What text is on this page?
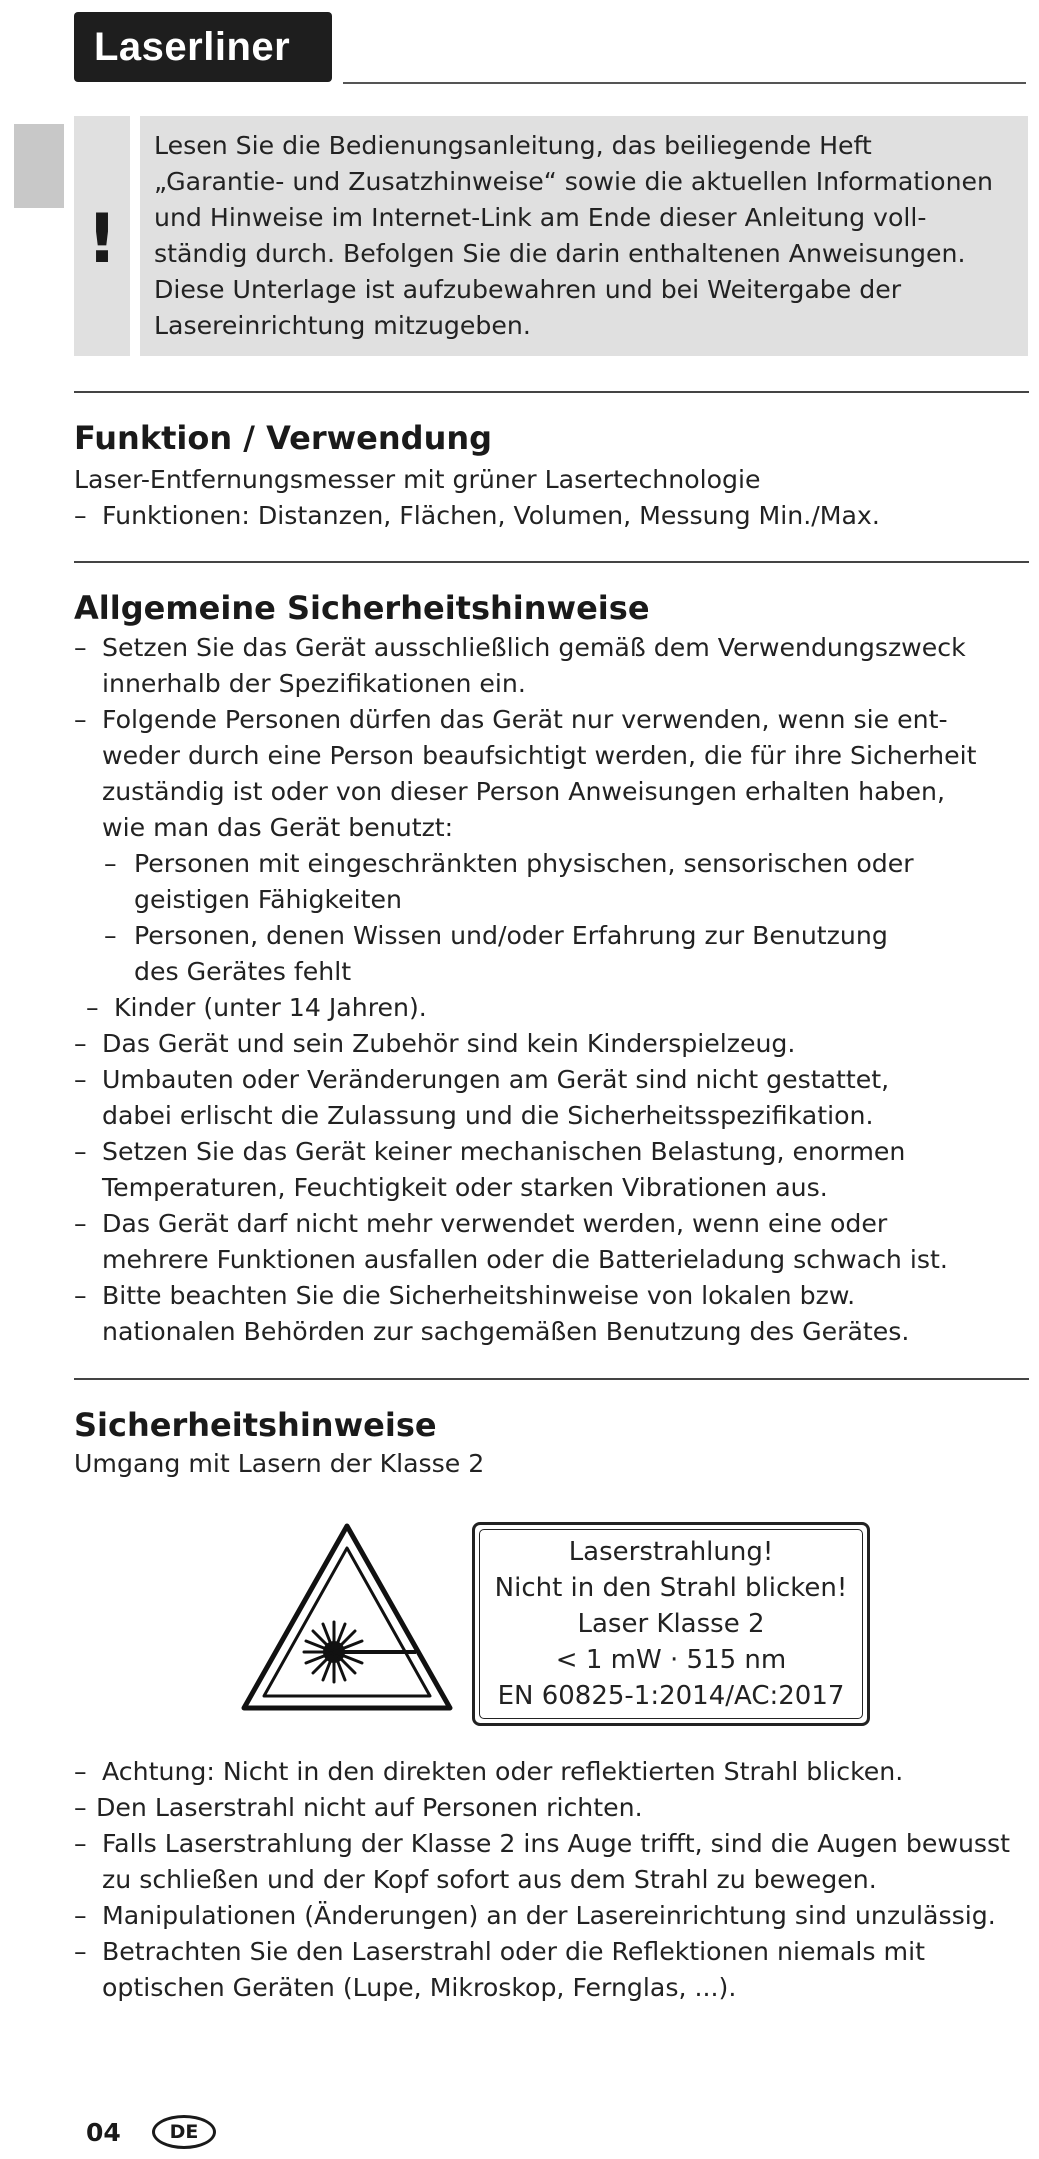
Laserliner
!

Lesen Sie die Bedienungsanleitung, das beiliegende Heft
„Garantie- und Zusatzhinweise“ sowie die aktuellen Informationen
und Hinweise im Internet-Link am Ende dieser Anleitung voll-
ständig durch. Befolgen Sie die darin enthaltenen Anweisungen.
Diese Unterlage ist aufzubewahren und bei Weitergabe der
Lasereinrichtung mitzugeben.

Funktion / Verwendung

Laser-Entfernungsmesser mit grüner Lasertechnologie

– Funktionen: Distanzen, Flächen, Volumen, Messung Min./Max.
Allgemeine Sicherheitshinweise
– Setzen Sie das Gerät ausschließlich gemäß dem Verwendungszweck
innerhalb der Spezifikationen ein.
– Folgende Personen dürfen das Gerät nur verwenden, wenn sie ent-
weder durch eine Person beaufsichtigt werden, die für ihre Sicherheit
zuständig ist oder von dieser Person Anweisungen erhalten haben,
wie man das Gerät benutzt:
– Personen mit eingeschränkten physischen, sensorischen oder
geistigen Fähigkeiten
– Personen, denen Wissen und/oder Erfahrung zur Benutzung
des Gerätes fehlt
– Kinder (unter 14 Jahren).
– Das Gerät und sein Zubehör sind kein Kinderspielzeug.
– Umbauten oder Veränderungen am Gerät sind nicht gestattet,
dabei erlischt die Zulassung und die Sicherheitsspezifikation.
– Setzen Sie das Gerät keiner mechanischen Belastung, enormen
Temperaturen, Feuchtigkeit oder starken Vibrationen aus.
– Das Gerät darf nicht mehr verwendet werden, wenn eine oder
mehrere Funktionen ausfallen oder die Batterieladung schwach ist.
– Bitte beachten Sie die Sicherheitshinweise von lokalen bzw.
nationalen Behörden zur sachgemäßen Benutzung des Gerätes.
Sicherheitshinweise

Umgang mit Lasern der Klasse 2

Laserstrahlung!
Nicht in den Strahl blicken!
Laser Klasse 2
< 1 mW · 515 nm
EN 60825-1:2014/AC:2017
– Achtung: Nicht in den direkten oder reflektierten Strahl blicken.
– Den Laserstrahl nicht auf Personen richten.
– Falls Laserstrahlung der Klasse 2 ins Auge trifft, sind die Augen bewusst
zu schließen und der Kopf sofort aus dem Strahl zu bewegen.
– Manipulationen (Änderungen) an der Lasereinrichtung sind unzulässig.
– Betrachten Sie den Laserstrahl oder die Reflektionen niemals mit
optischen Geräten (Lupe, Mikroskop, Fernglas, ...).
04	DE
